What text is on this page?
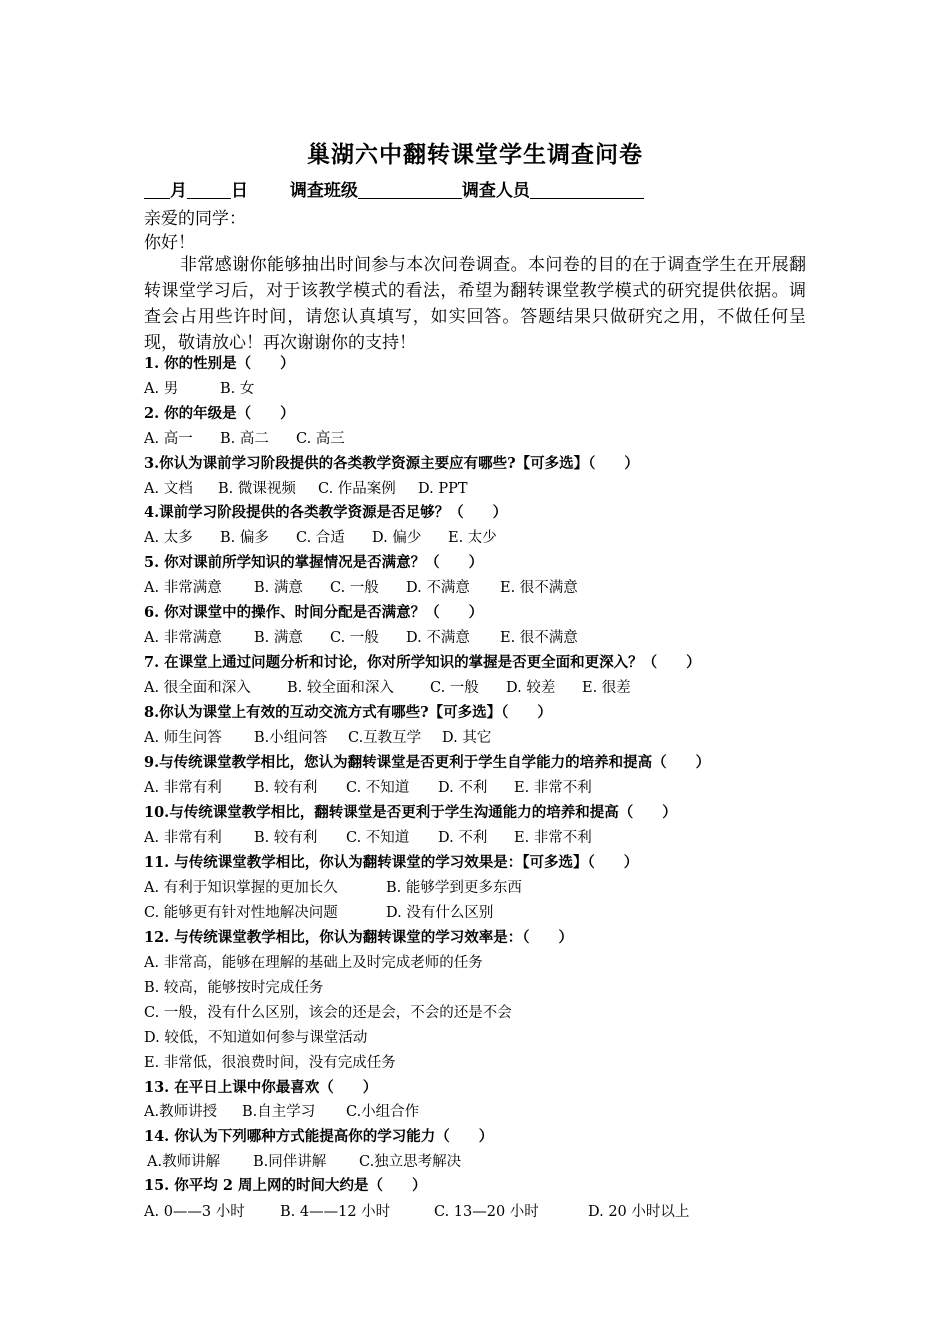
巢湖六中翻转课堂学生调查问卷
月	日 调查班级	调查人员
亲爱的同学：
你好！
非常感谢你能够抽出时间参与本次问卷调查。本问卷的目的在于调查学生在开展翻转课堂学习后，对于该教学模式的看法，希望为翻转课堂教学模式的研究提供依据。调查会占用些许时间，请您认真填写，如实回答。答题结果只做研究之用，不做任何呈现，敬请放心！再次谢谢你的支持！
1. 你的性别是（　　）
A. 男	B. 女
2. 你的年级是（　　）
A. 高一 B. 高二 C. 高三
3.你认为课前学习阶段提供的各类教学资源主要应有哪些?【可多选】（　　）
A. 文档 B. 微课视频 C. 作品案例 D. PPT
4.课前学习阶段提供的各类教学资源是否足够？（　　）
A. 太多 B. 偏多 C. 合适 D. 偏少 E. 太少
5. 你对课前所学知识的掌握情况是否满意？（　　）
A. 非常满意 B. 满意 C. 一般 D. 不满意 E. 很不满意
6. 你对课堂中的操作、时间分配是否满意？（　　）
A. 非常满意 B. 满意 C. 一般 D. 不满意 E. 很不满意
7. 在课堂上通过问题分析和讨论，你对所学知识的掌握是否更全面和更深入？（　　）
A. 很全面和深入	B. 较全面和深入 C. 一般 D. 较差 E. 很差
8.你认为课堂上有效的互动交流方式有哪些?【可多选】（　　）
A. 师生问答 B.小组问答 C.互教互学 D. 其它
9.与传统课堂教学相比，您认为翻转课堂是否更利于学生自学能力的培养和提高（　　）
A. 非常有利 B. 较有利 C. 不知道 D. 不利 E. 非常不利
10.与传统课堂教学相比，翻转课堂是否更利于学生沟通能力的培养和提高（　　）
A. 非常有利 B. 较有利 C. 不知道 D. 不利 E. 非常不利
11. 与传统课堂教学相比，你认为翻转课堂的学习效果是：【可多选】（　　）
A. 有利于知识掌握的更加长久	B. 能够学到更多东西
C. 能够更有针对性地解决问题	D. 没有什么区别
12. 与传统课堂教学相比，你认为翻转课堂的学习效率是：（　　）
A. 非常高，能够在理解的基础上及时完成老师的任务
B. 较高，能够按时完成任务
C. 一般，没有什么区别，该会的还是会，不会的还是不会
D. 较低，不知道如何参与课堂活动
E. 非常低，很浪费时间，没有完成任务
13. 在平日上课中你最喜欢（　　）
A.教师讲授 B.自主学习 C.小组合作
14. 你认为下列哪种方式能提高你的学习能力（　　）
A.教师讲解 B.同伴讲解 C.独立思考解决
15. 你平均 2 周上网的时间大约是（　　）
A. 0——3 小时 B. 4——12 小时	C. 13—20 小时	D. 20 小时以上
